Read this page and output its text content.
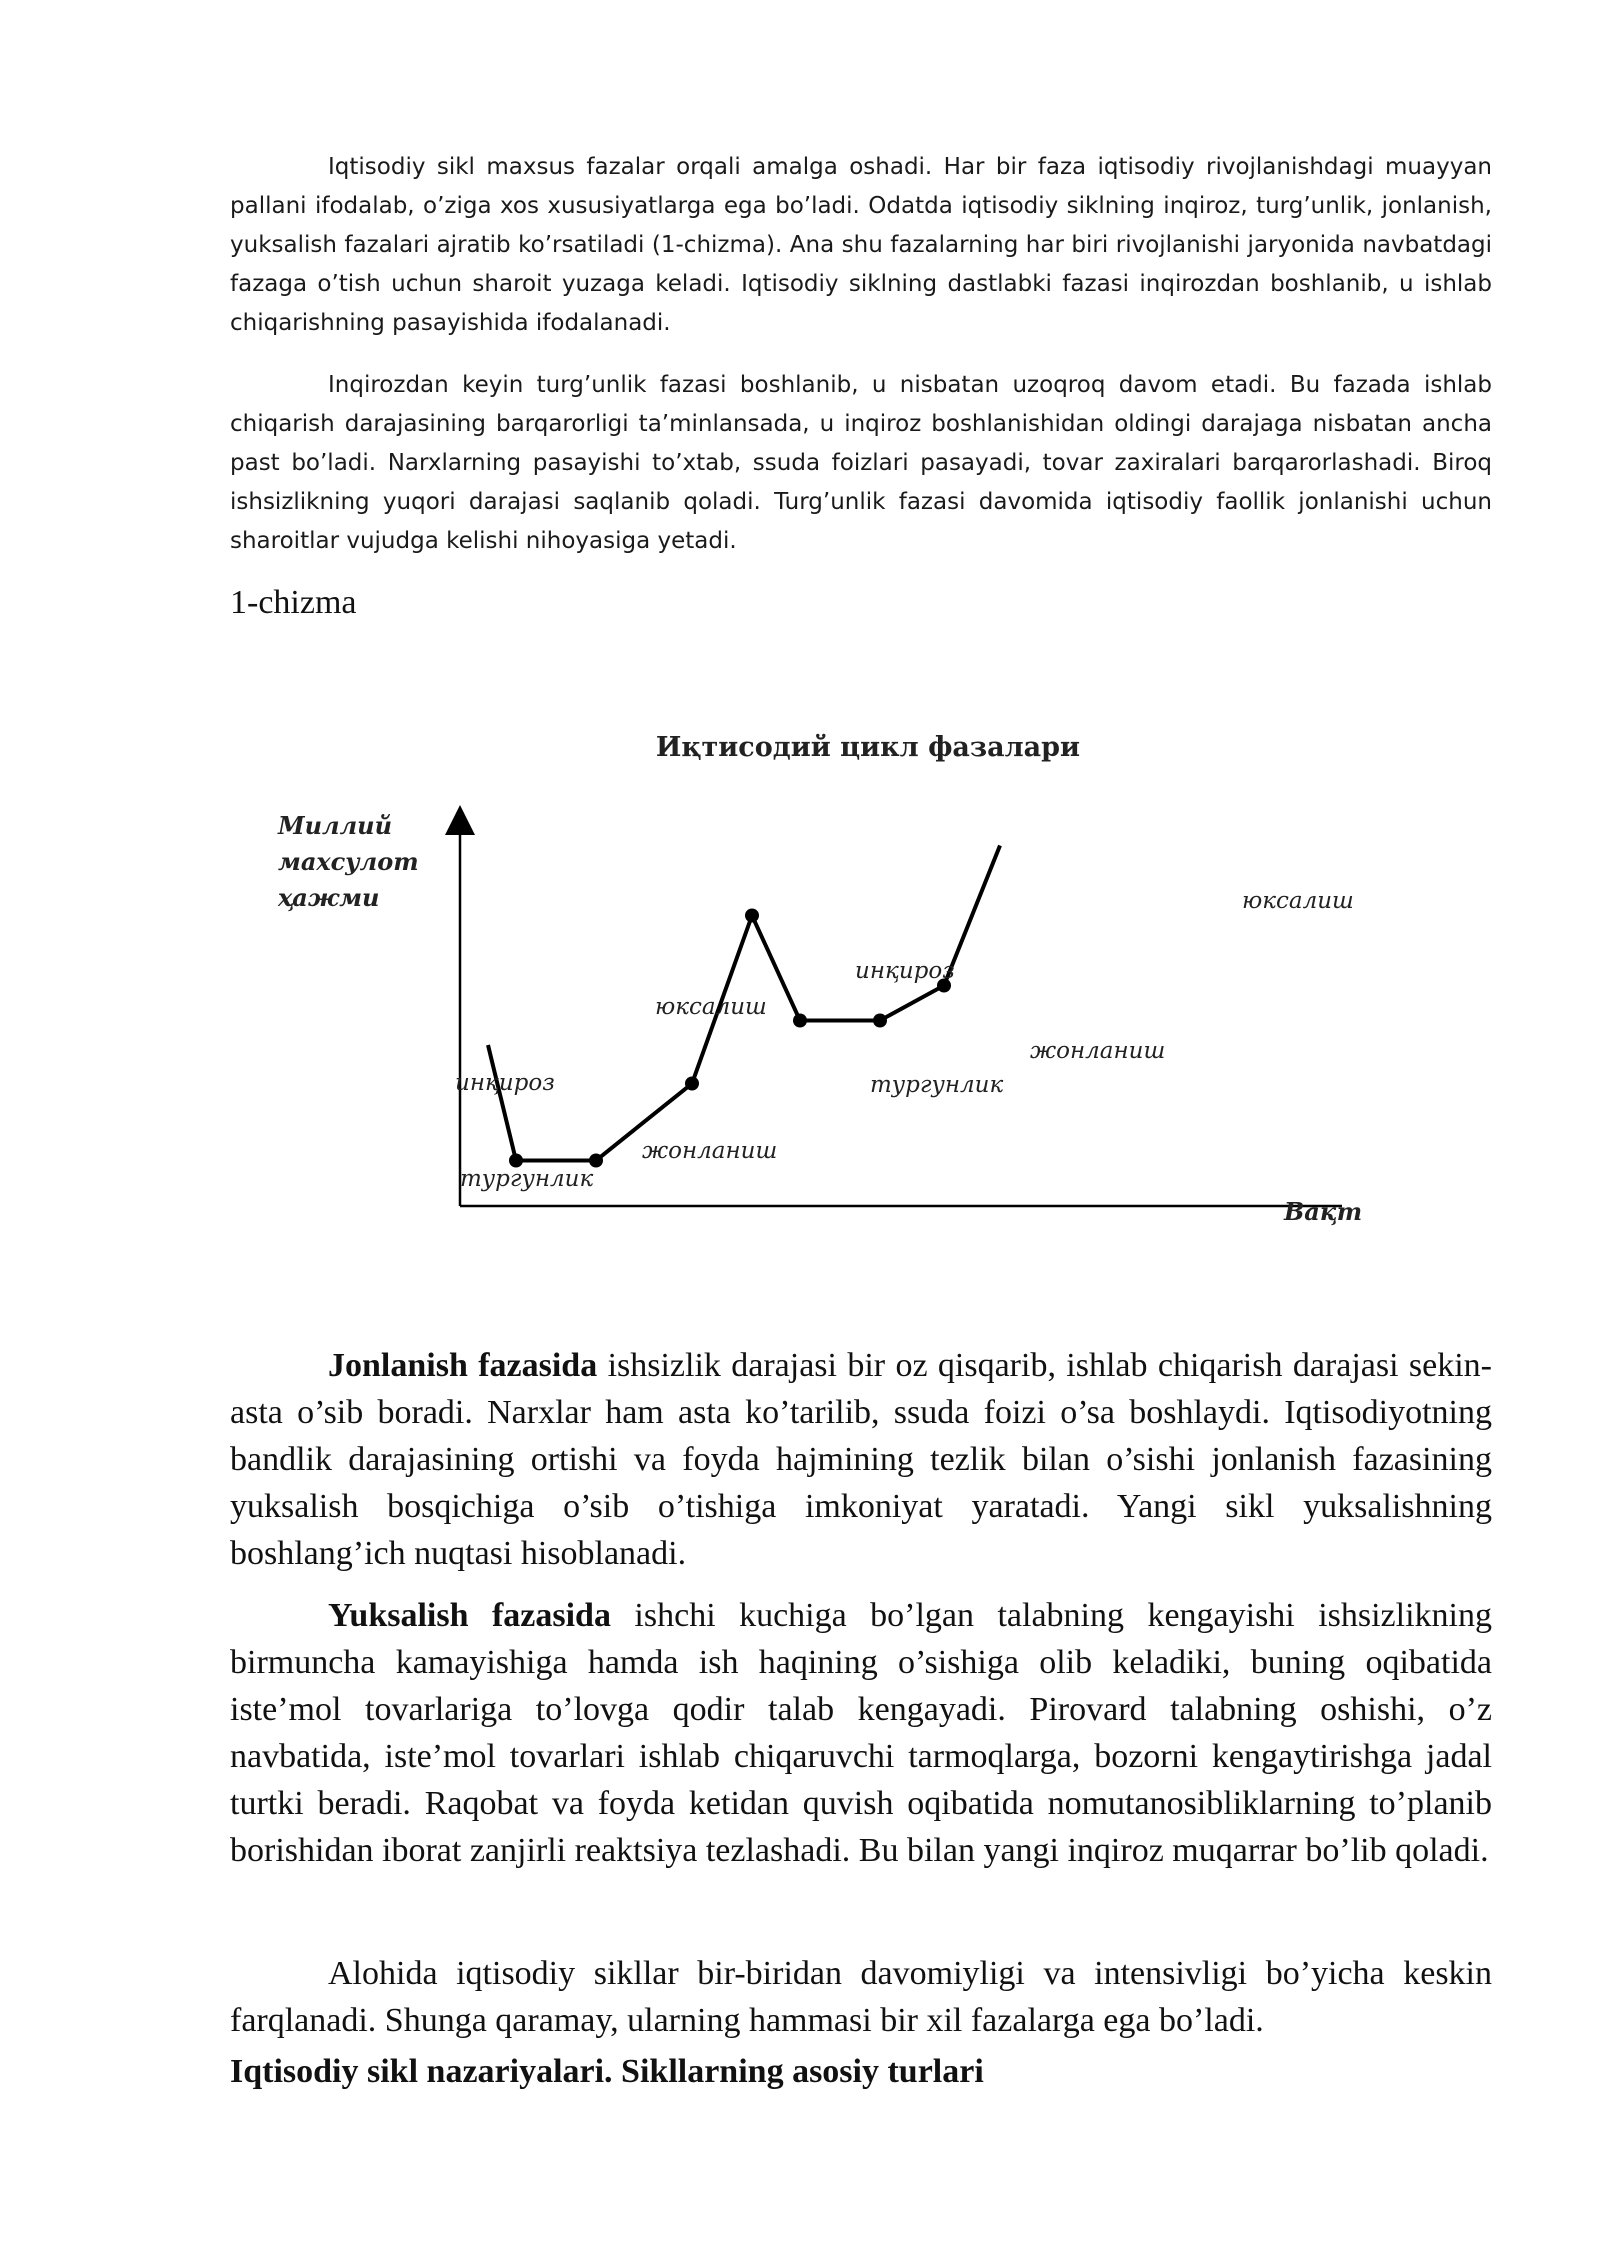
Iqtisodiy sikl maxsus fazalar orqali amalga oshadi. Har bir faza iqtisodiy rivojlanishdagi muayyan pallani ifodalab, o’ziga xos xususiyatlarga ega bo’ladi. Odatda iqtisodiy siklning inqiroz, turg’unlik, jonlanish, yuksalish fazalari ajratib ko’rsatiladi (1-chizma). Ana shu fazalarning har biri rivojlanishi jaryonida navbatdagi fazaga o’tish uchun sharoit yuzaga keladi. Iqtisodiy siklning dastlabki fazasi inqirozdan boshlanib, u ishlab chiqarishning pasayishida ifodalanadi.

Inqirozdan keyin turg’unlik fazasi boshlanib, u nisbatan uzoqroq davom etadi. Bu fazada ishlab chiqarish darajasining barqarorligi ta’minlansada, u inqiroz boshlanishidan oldingi darajaga nisbatan ancha past bo’ladi. Narxlarning pasayishi to’xtab, ssuda foizlari pasayadi, tovar zaxiralari barqarorlashadi. Biroq ishsizlikning yuqori darajasi saqlanib qoladi. Turg’unlik fazasi davomida iqtisodiy faollik jonlanishi uchun sharoitlar vujudga kelishi nihoyasiga yetadi.

1-chizma

Иқтисодий цикл фазалари
Миллий
махсулот
ҳажми
Вақт
инқироз
тургунлик
жонланиш
юксалиш
инқироз
тургунлик
жонланиш
юксалиш

Jonlanish fazasida ishsizlik darajasi bir oz qisqarib, ishlab chiqarish darajasi sekin-asta o’sib boradi. Narxlar ham asta ko’tarilib, ssuda foizi o’sa boshlaydi. Iqtisodiyotning bandlik darajasining ortishi va foyda hajmining tezlik bilan o’sishi jonlanish fazasining yuksalish bosqichiga o’sib o’tishiga imkoniyat yaratadi. Yangi sikl yuksalishning boshlang’ich nuqtasi hisoblanadi.

Yuksalish fazasida ishchi kuchiga bo’lgan talabning kengayishi ishsizlikning birmuncha kamayishiga hamda ish haqining o’sishiga olib keladiki, buning oqibatida iste’mol tovarlariga to’lovga qodir talab kengayadi. Pirovard talabning oshishi, o’z navbatida, iste’mol tovarlari ishlab chiqaruvchi tarmoqlarga, bozorni kengaytirishga jadal turtki beradi. Raqobat va foyda ketidan quvish oqibatida nomutanosibliklarning to’planib borishidan iborat zanjirli reaktsiya tezlashadi. Bu bilan yangi inqiroz muqarrar bo’lib qoladi.

Alohida iqtisodiy sikllar bir-biridan davomiyligi va intensivligi bo’yicha keskin farqlanadi. Shunga qaramay, ularning hammasi bir xil fazalarga ega bo’ladi.

Iqtisodiy sikl nazariyalari. Sikllarning asosiy turlari
